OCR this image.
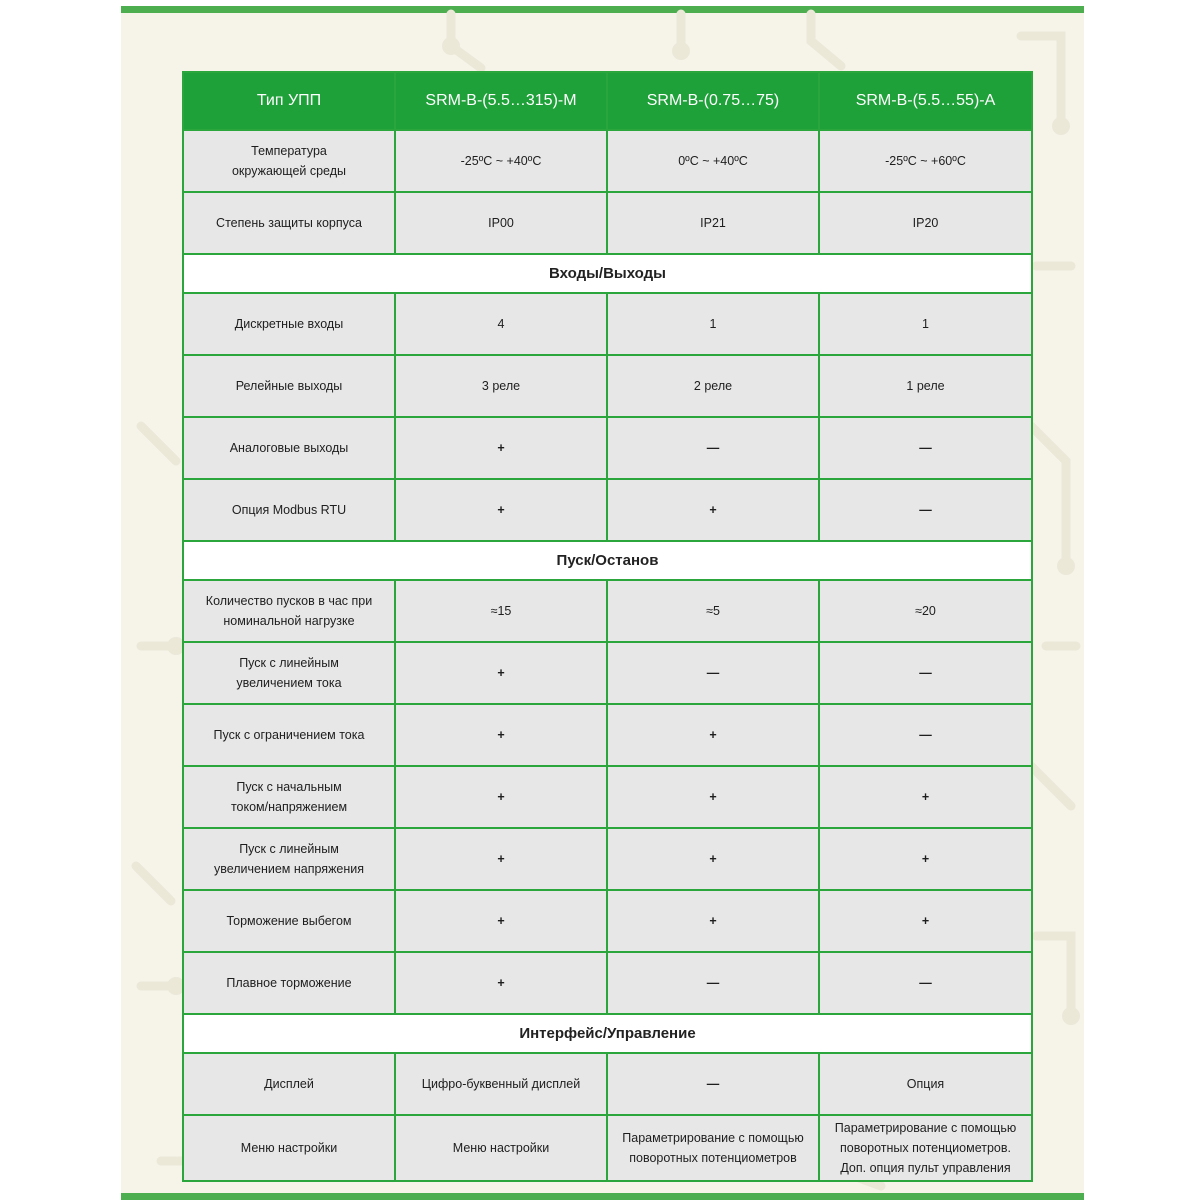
Тип УПП	SRM-B-(5.5…315)-M	SRM-B-(0.75…75)	SRM-B-(5.5…55)-A
Температура окружающей среды	-25ºC ~ +40ºC	0ºC ~ +40ºC	-25ºC ~ +60ºC
Степень защиты корпуса	IP00	IP21	IP20
Входы/Выходы			
Дискретные входы	4	1	1
Релейные выходы	3 реле	2 реле	1 реле
Аналоговые выходы	+	—	—
Опция Modbus RTU	+	+	—
Пуск/Останов			
Количество пусков в час при номинальной нагрузке	≈15	≈5	≈20
Пуск с линейным увеличением тока	+	—	—
Пуск с ограничением тока	+	+	—
Пуск с начальным током/напряжением	+	+	+
Пуск с линейным увеличением напряжения	+	+	+
Торможение выбегом	+	+	+
Плавное торможение	+	—	—
Интерфейс/Управление			
Дисплей	Цифро-буквенный дисплей	—	Опция
Меню настройки	Меню настройки	Параметрирование с помощью поворотных потенциометров	Параметрирование с помощью поворотных потенциометров. Доп. опция пульт управления
